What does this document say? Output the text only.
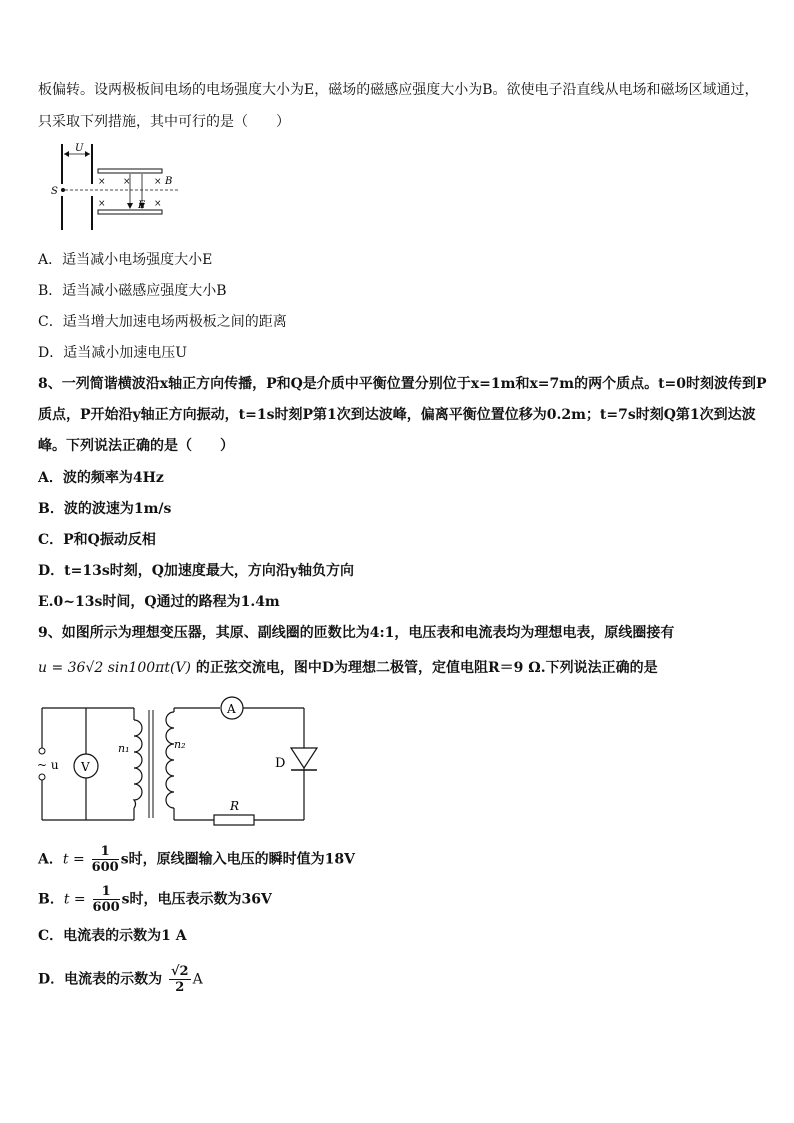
板偏转。设两极板间电场的电场强度大小为E，磁场的磁感应强度大小为B。欲使电子沿直线从电场和磁场区域通过，
只采取下列措施，其中可行的是（　　）
U
S
× ×	×
×	×
B
E
A．适当减小电场强度大小E
B．适当减小磁感应强度大小B
C．适当增大加速电场两极板之间的距离
D．适当减小加速电压U
8、一列简谐横波沿x轴正方向传播，P和Q是介质中平衡位置分别位于x=1m和x=7m的两个质点。t=0时刻波传到P
质点，P开始沿y轴正方向振动，t=1s时刻P第1次到达波峰，偏离平衡位置位移为0.2m；t=7s时刻Q第1次到达波
峰。下列说法正确的是（　　）
A．波的频率为4Hz
B．波的波速为1m/s
C．P和Q振动反相
D．t=13s时刻，Q加速度最大，方向沿y轴负方向
E.0~13s时间，Q通过的路程为1.4m
9、如图所示为理想变压器，其原、副线圈的匝数比为4:1，电压表和电流表均为理想电表，原线圈接有
u = 36√2 sin100πt(V) 的正弦交流电，图中D为理想二极管，定值电阻R＝9 Ω.下列说法正确的是
~ u V
n₁	n₂
A
R
D
A．$t = \frac{1}{600}$ s时，原线圈输入电压的瞬时值为18V
B．$t = \frac{1}{600}$ s时，电压表示数为36V
C．电流表的示数为1 A
D．电流表的示数为 $\frac{√2}{2}$ A
